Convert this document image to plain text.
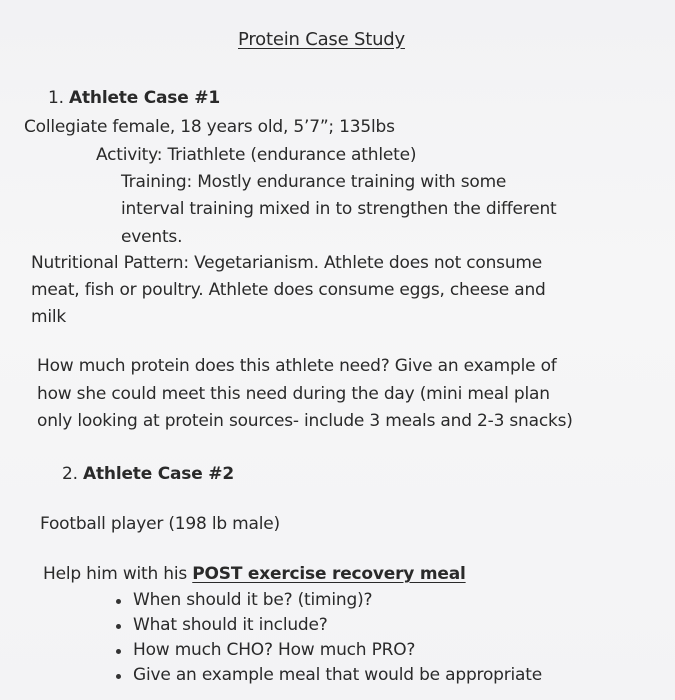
Protein Case Study
1. Athlete Case #1
Collegiate female, 18 years old, 5’7”; 135lbs
Activity: Triathlete (endurance athlete)
Training: Mostly endurance training with some
interval training mixed in to strengthen the different
events.
Nutritional Pattern: Vegetarianism. Athlete does not consume
meat, fish or poultry. Athlete does consume eggs, cheese and
milk
How much protein does this athlete need? Give an example of
how she could meet this need during the day (mini meal plan
only looking at protein sources- include 3 meals and 2-3 snacks)
2. Athlete Case #2
Football player (198 lb male)
Help him with his POST exercise recovery meal
When should it be? (timing)?
What should it include?
How much CHO? How much PRO?
Give an example meal that would be appropriate
